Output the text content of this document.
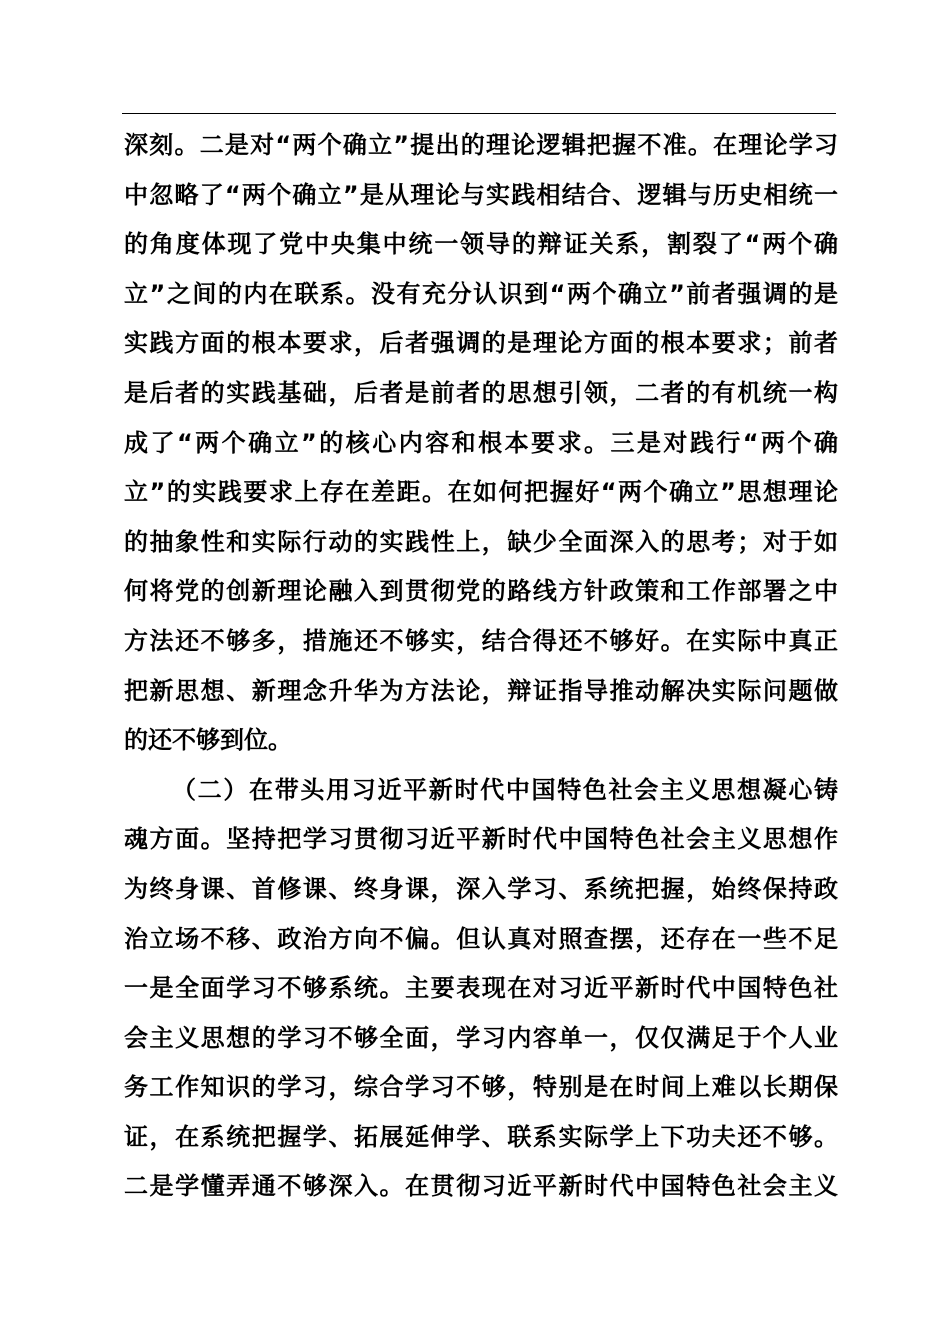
深刻。二是对“两个确立”提出的理论逻辑把握不准。在理论学习
中忽略了“两个确立”是从理论与实践相结合、逻辑与历史相统一
的角度体现了党中央集中统一领导的辩证关系，割裂了“两个确
立”之间的内在联系。没有充分认识到“两个确立”前者强调的是
实践方面的根本要求，后者强调的是理论方面的根本要求；前者
是后者的实践基础，后者是前者的思想引领，二者的有机统一构
成了“两个确立”的核心内容和根本要求。三是对践行“两个确
立”的实践要求上存在差距。在如何把握好“两个确立”思想理论
的抽象性和实际行动的实践性上，缺少全面深入的思考；对于如
何将党的创新理论融入到贯彻党的路线方针政策和工作部署之中
方法还不够多，措施还不够实，结合得还不够好。在实际中真正
把新思想、新理念升华为方法论，辩证指导推动解决实际问题做
的还不够到位。
（二）在带头用习近平新时代中国特色社会主义思想凝心铸
魂方面。坚持把学习贯彻习近平新时代中国特色社会主义思想作
为终身课、首修课、终身课，深入学习、系统把握，始终保持政
治立场不移、政治方向不偏。但认真对照查摆，还存在一些不足
一是全面学习不够系统。主要表现在对习近平新时代中国特色社
会主义思想的学习不够全面，学习内容单一，仅仅满足于个人业
务工作知识的学习，综合学习不够，特别是在时间上难以长期保
证，在系统把握学、拓展延伸学、联系实际学上下功夫还不够。
二是学懂弄通不够深入。在贯彻习近平新时代中国特色社会主义
